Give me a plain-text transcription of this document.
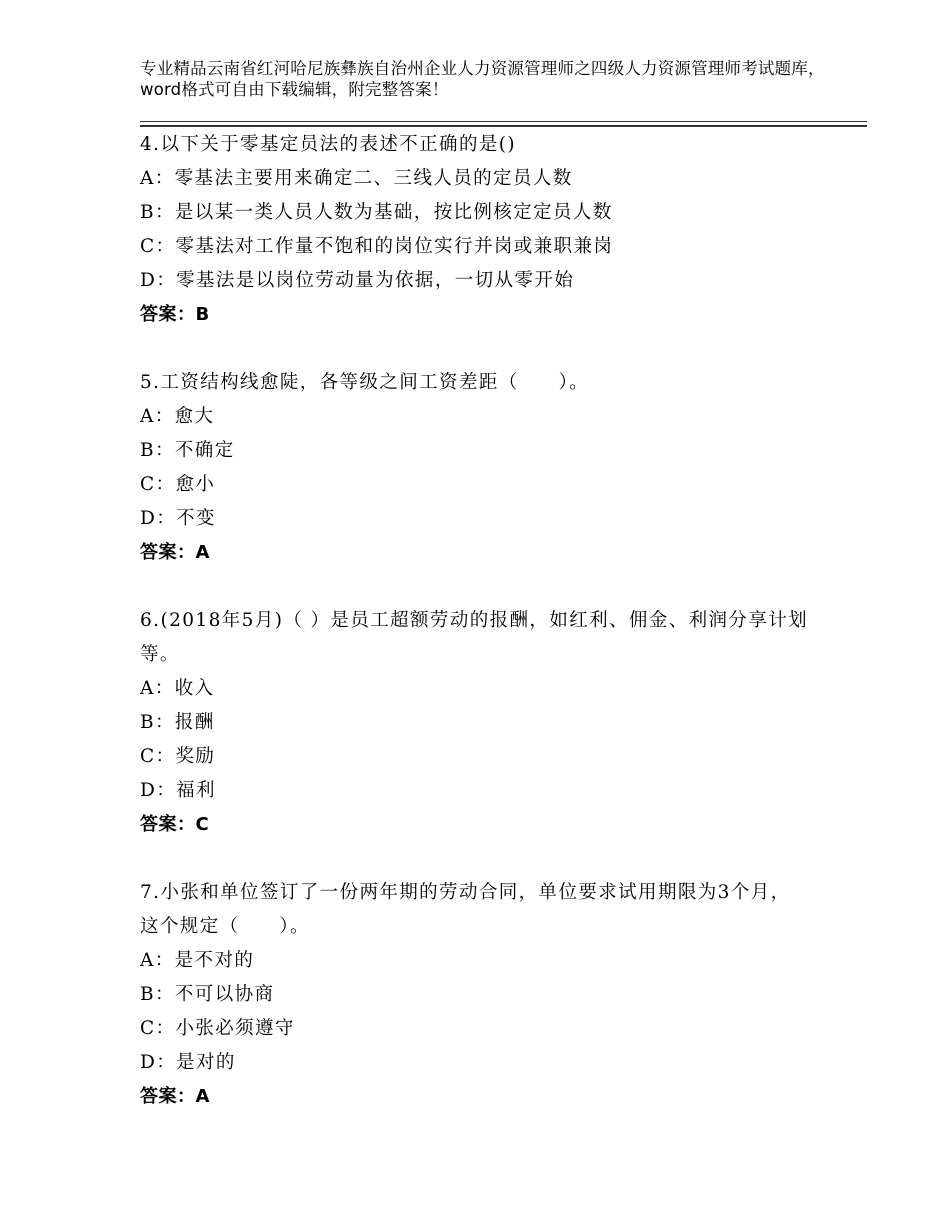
专业精品云南省红河哈尼族彝族自治州企业人力资源管理师之四级人力资源管理师考试题库，word格式可自由下载编辑，附完整答案！
4.以下关于零基定员法的表述不正确的是()
A：零基法主要用来确定二、三线人员的定员人数
B：是以某一类人员人数为基础，按比例核定定员人数
C：零基法对工作量不饱和的岗位实行并岗或兼职兼岗
D：零基法是以岗位劳动量为依据，一切从零开始
答案：B
5.工资结构线愈陡，各等级之间工资差距（　　）。
A：愈大
B：不确定
C：愈小
D：不变
答案：A
6.(2018年5月)（ ）是员工超额劳动的报酬，如红利、佣金、利润分享计划等。
A：收入
B：报酬
C：奖励
D：福利
答案：C
7.小张和单位签订了一份两年期的劳动合同，单位要求试用期限为3个月，这个规定（　　）。
A：是不对的
B：不可以协商
C：小张必须遵守
D：是对的
答案：A
